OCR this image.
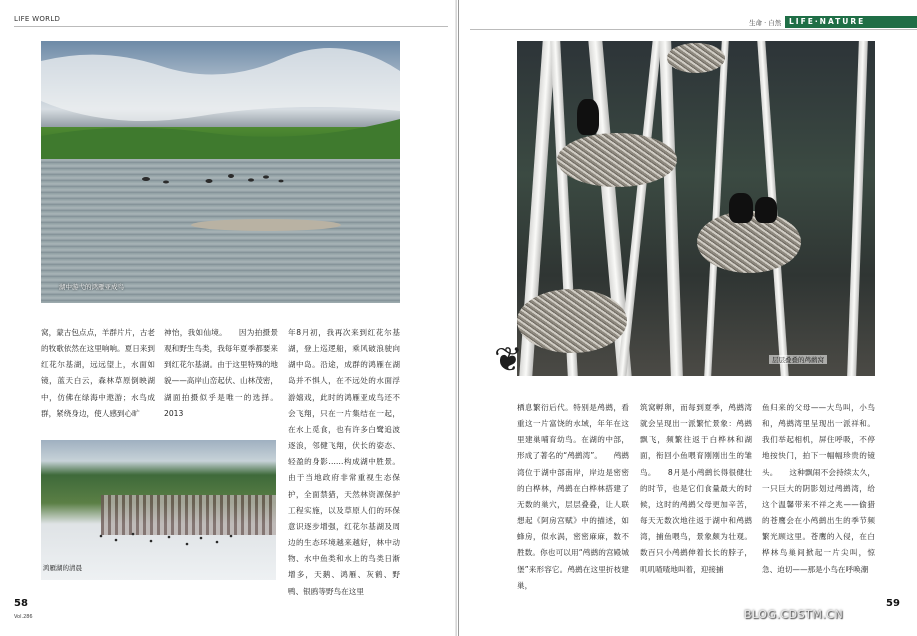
LIFE WORLD	生命 · 自然 LIFE·NATURE
湖中游弋的鸿雁亚成鸟
鸿雁湖的清晨
层层叠叠的鸬鹚窝
❦
窝，蒙古包点点，羊群片片，古老的牧歌依然在这里响响。夏日来到红花尔基湖，远远望上，水面如镜，蓝天白云，森林草原倒映湖中，仿佛在绿海中遨游；水鸟成群，紧绕身边，使人感到心旷
神怡，我如仙境。　　因为拍摄景观和野生鸟类，我每年夏季都要来到红花尔基湖。由于这里特殊的地貌——高岸山峦起伏、山林茂密，湖面拍摄似乎是唯一的选择。2013
年8月初，我再次来到红花尔基湖，登上巡逻船，乘风破浪驶向湖中岛。沿途，成群的鸿雁在湖岛并不惧人，在不远处的水面浮游嬉戏，此时的鸿雁亚成鸟还不会飞翔，只在一片集结在一起，在水上觅食，也有许多白鹭追波逐浪，邻健飞翔，伏长的姿态、轻盈的身影……构成湖中胜景。由于当地政府非常重视生态保护，全面禁猎，天然林资源保护工程实施，以及草原人们的环保意识逐步增强，红花尔基湖及周边的生态环境越来越好，林中动物、水中鱼类和水上的鸟类日渐增多，天鹅、鸿雁、灰鹤、野鸭、银鸥等野鸟在这里
栖息繁衍后代。特别是鸬鹚，看重这一片富饶的水域，年年在这里建巢哺育幼鸟。在湖的中部，形成了著名的“鸬鹚湾”。　　鸬鹚湾位于湖中部南岸，岸边是密密的白桦林，鸬鹚在白桦林搭建了无数的巢穴，层层叠叠，让人联想起《阿房宫赋》中的描述，如蜂房，似水涡，密密麻麻，数不胜数。你也可以用“鸬鹚的宫殿城堡”来形容它。鸬鹚在这里折枝建巢，
筑窝孵卵，而每到夏季，鸬鹚湾就会呈现出一派繁忙景象：鸬鹚飘飞，频繁往返于白桦林和湖面，衔回小鱼喂育刚刚出生的雏鸟。　　8月是小鸬鹚长得很健壮的时节，也是它们食量最大的时候，这时的鸬鹚父母更加辛苦，每天无数次地往返于湖中和鸬鹚湾，捕鱼喂鸟，景象颇为壮观。数百只小鸬鹚伸着长长的脖子，叽叽喳喳地叫着，迎接捕
鱼归来的父母——大鸟叫，小鸟和，鸬鹚湾里呈现出一派祥和。我们举起相机，屏住呼吸，不停地按快门，拍下一幅幅珍贵的镜头。　　这种飘闹不会持续太久，一只巨大的阴影划过鸬鹚湾，给这个温馨带来不祥之兆——偷猎的苍鹰会在小鸬鹚出生的季节频繁光顾这里。苍鹰的入侵，在白桦林鸟巢间掀起一片尖叫，惊急、迫切——那是小鸟在呼唤潮
58
Vol.286
59
BLOG.CDSTM.CN
